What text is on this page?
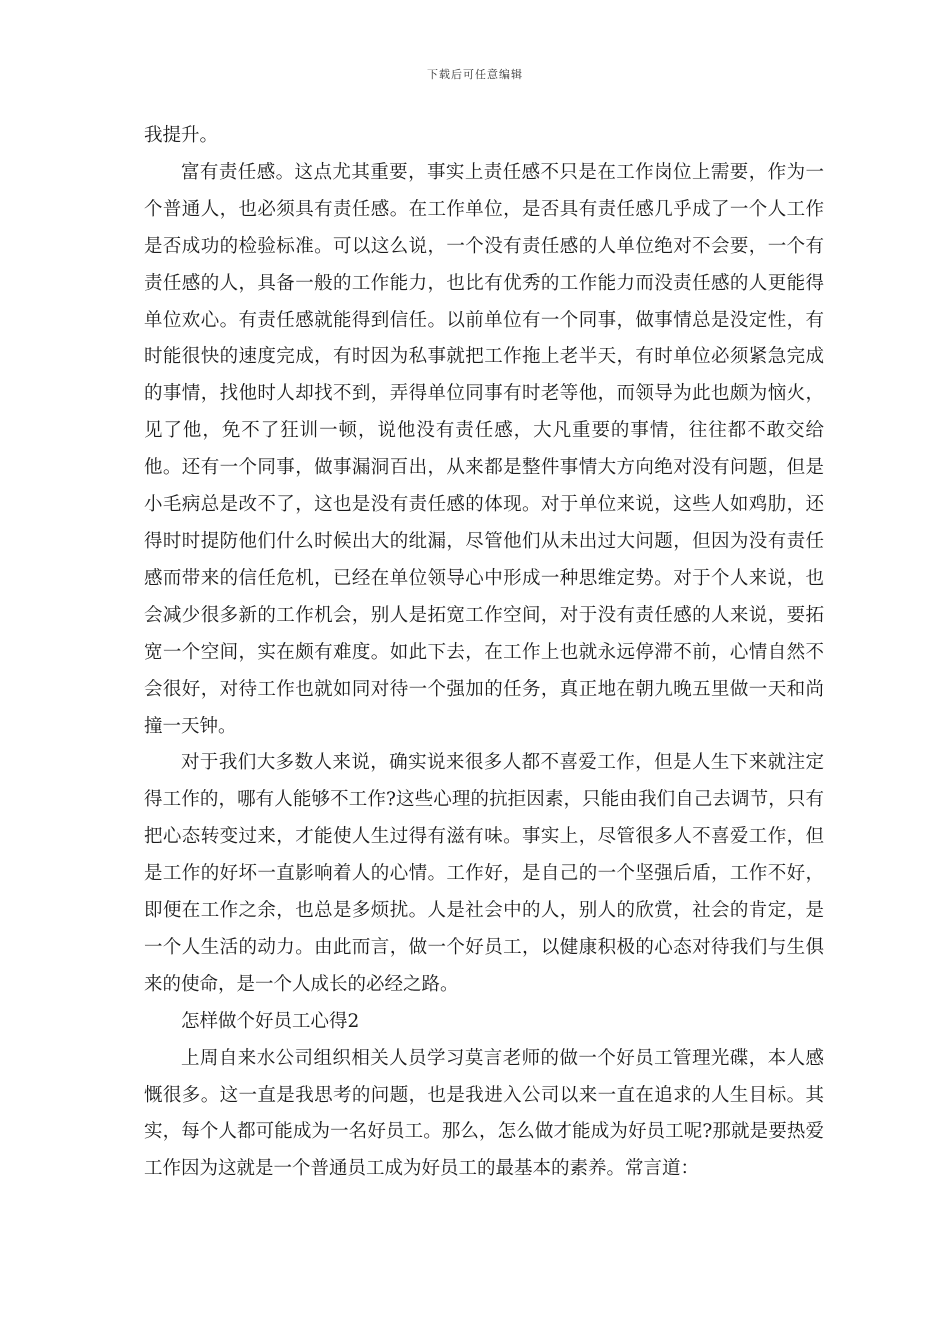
下载后可任意编辑

我提升。

富有责任感。这点尤其重要，事实上责任感不只是在工作岗位上需要，作为一个普通人，也必须具有责任感。在工作单位，是否具有责任感几乎成了一个人工作是否成功的检验标准。可以这么说，一个没有责任感的人单位绝对不会要，一个有责任感的人，具备一般的工作能力，也比有优秀的工作能力而没责任感的人更能得单位欢心。有责任感就能得到信任。以前单位有一个同事，做事情总是没定性，有时能很快的速度完成，有时因为私事就把工作拖上老半天，有时单位必须紧急完成的事情，找他时人却找不到，弄得单位同事有时老等他，而领导为此也颇为恼火，见了他，免不了狂训一顿，说他没有责任感，大凡重要的事情，往往都不敢交给他。还有一个同事，做事漏洞百出，从来都是整件事情大方向绝对没有问题，但是小毛病总是改不了，这也是没有责任感的体现。对于单位来说，这些人如鸡肋，还得时时提防他们什么时候出大的纰漏，尽管他们从未出过大问题，但因为没有责任感而带来的信任危机，已经在单位领导心中形成一种思维定势。对于个人来说，也会减少很多新的工作机会，别人是拓宽工作空间，对于没有责任感的人来说，要拓宽一个空间，实在颇有难度。如此下去，在工作上也就永远停滞不前，心情自然不会很好，对待工作也就如同对待一个强加的任务，真正地在朝九晚五里做一天和尚撞一天钟。

对于我们大多数人来说，确实说来很多人都不喜爱工作，但是人生下来就注定得工作的，哪有人能够不工作?这些心理的抗拒因素，只能由我们自己去调节，只有把心态转变过来，才能使人生过得有滋有味。事实上，尽管很多人不喜爱工作，但是工作的好坏一直影响着人的心情。工作好，是自己的一个坚强后盾，工作不好，即便在工作之余，也总是多烦扰。人是社会中的人，别人的欣赏，社会的肯定，是一个人生活的动力。由此而言，做一个好员工，以健康积极的心态对待我们与生俱来的使命，是一个人成长的必经之路。

怎样做个好员工心得2

上周自来水公司组织相关人员学习莫言老师的做一个好员工管理光碟，本人感慨很多。这一直是我思考的问题，也是我进入公司以来一直在追求的人生目标。其实，每个人都可能成为一名好员工。那么，怎么做才能成为好员工呢?那就是要热爱工作因为这就是一个普通员工成为好员工的最基本的素养。常言道：
